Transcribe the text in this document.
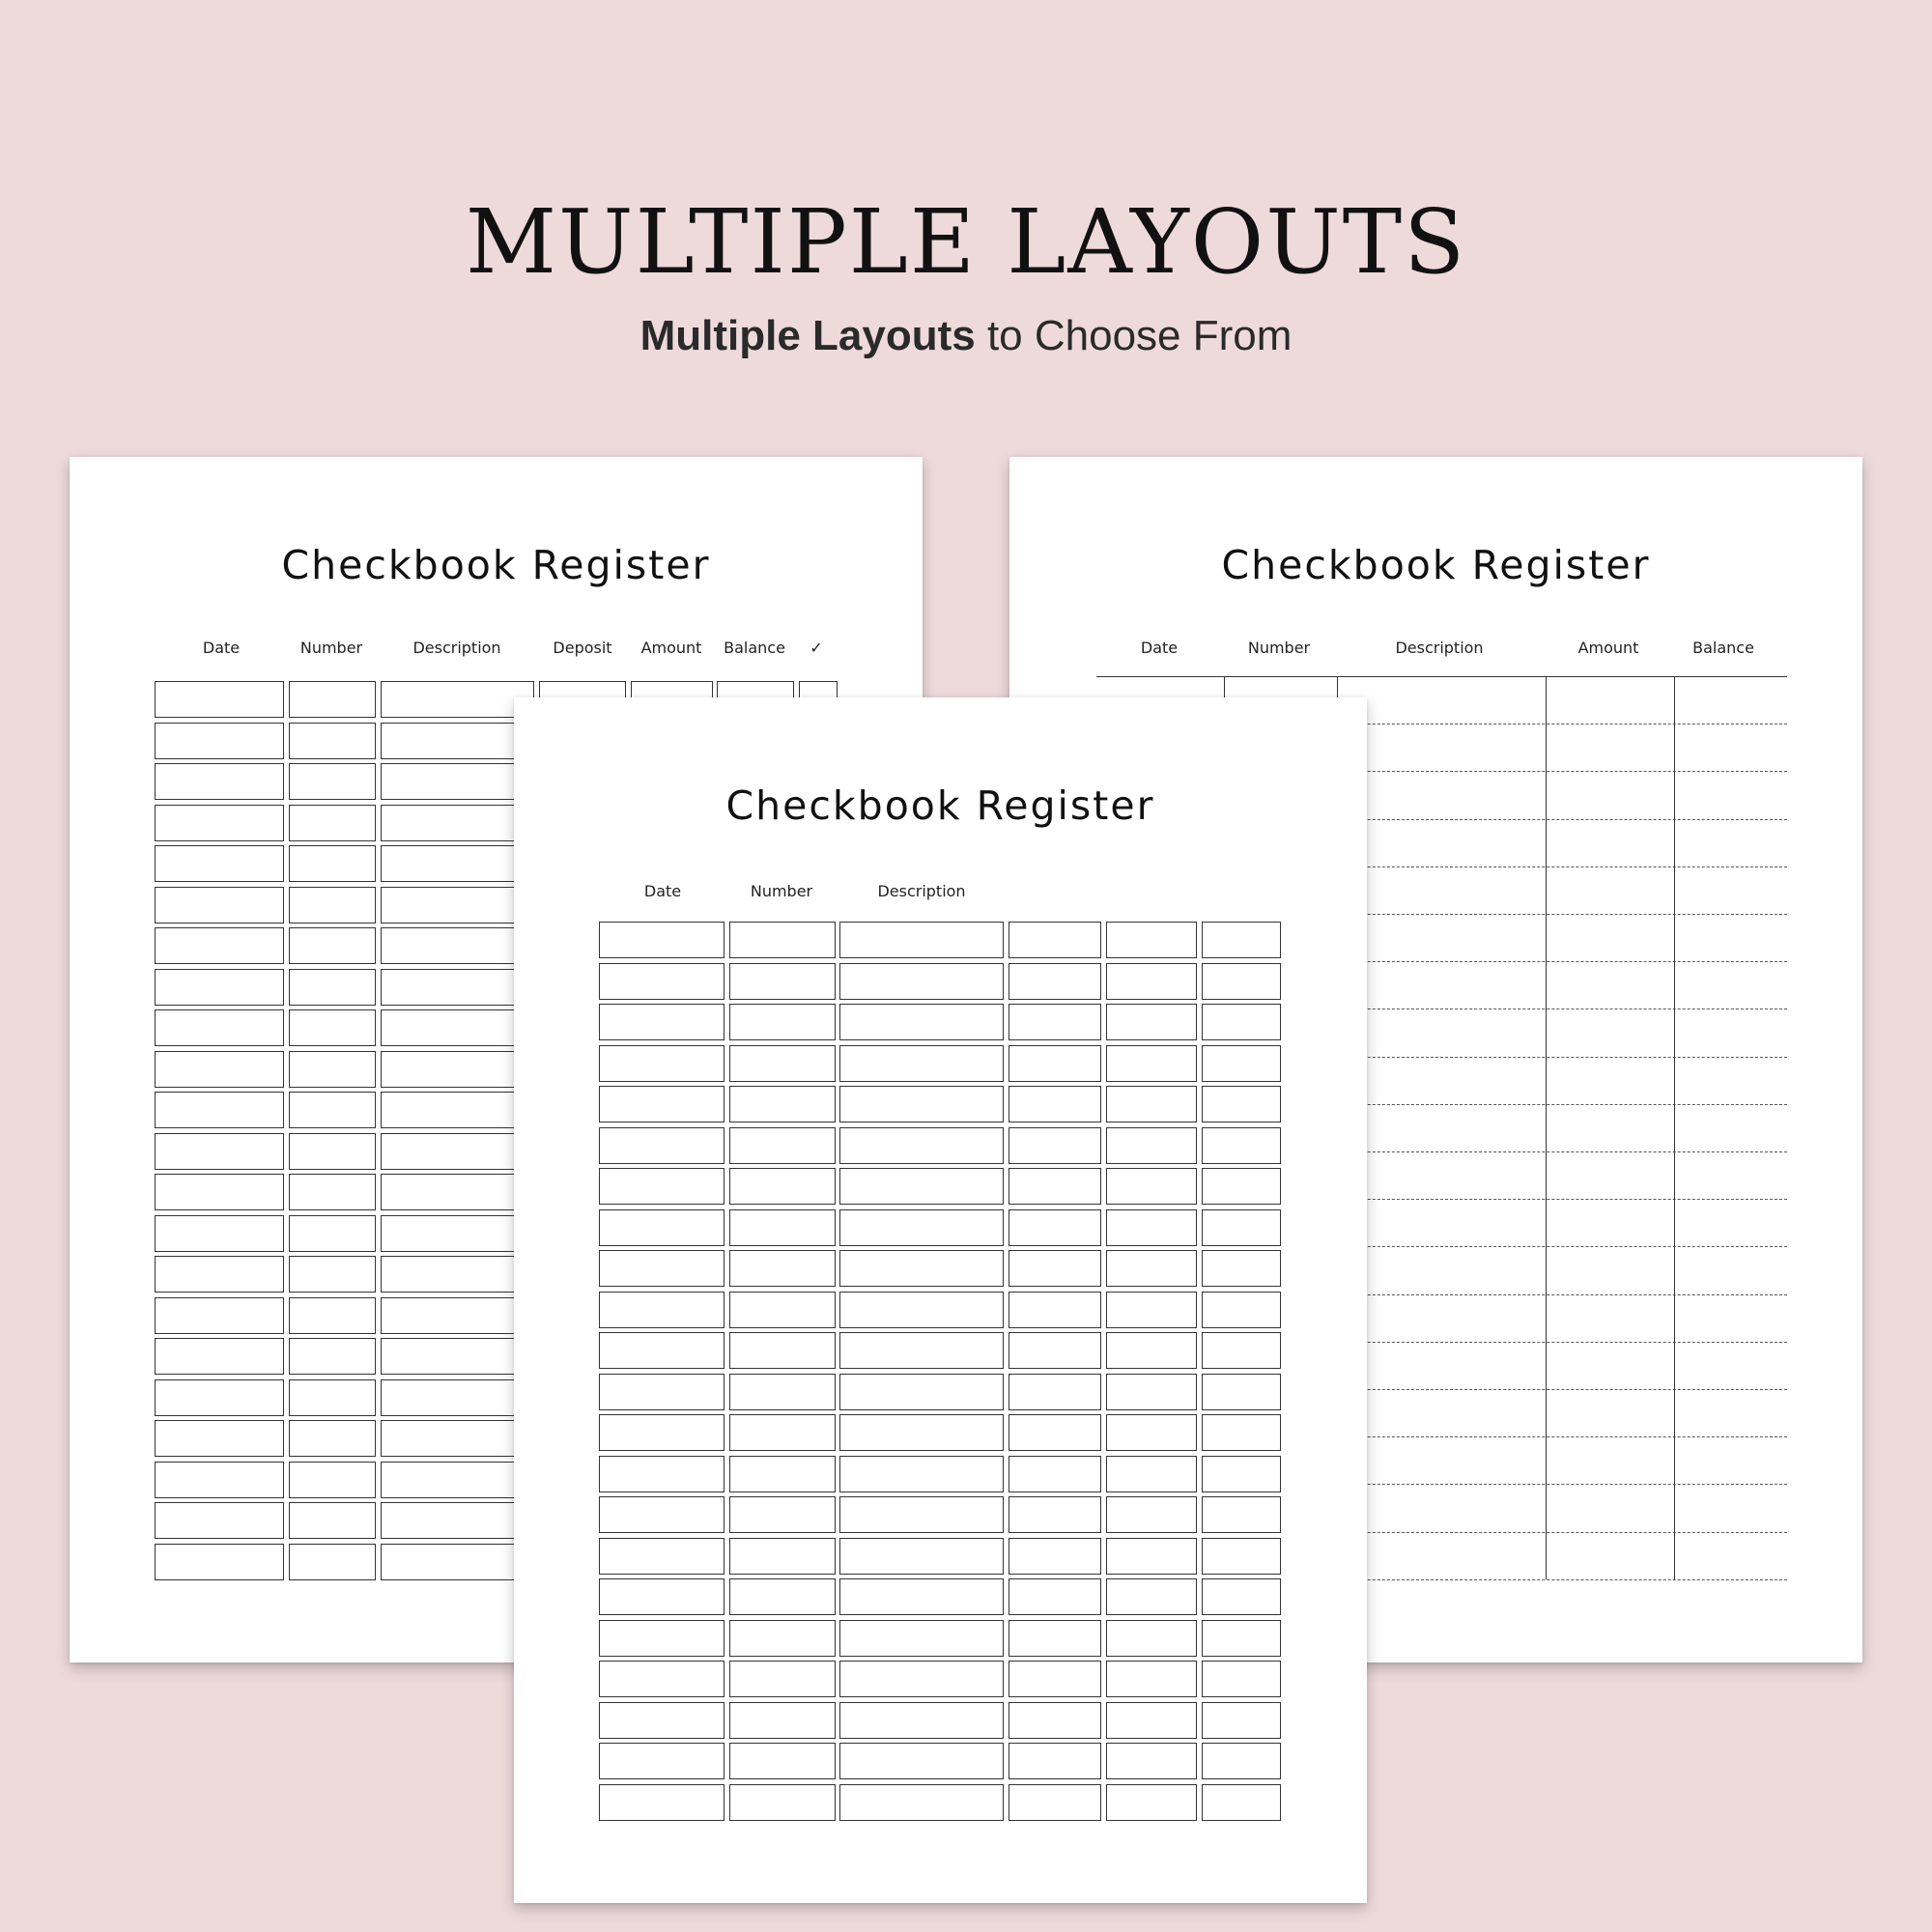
MULTIPLE LAYOUTS
Multiple Layouts to Choose From
Checkbook Register
Date	Number	Description	Deposit Amount Balance ✓
Checkbook Register
Date	Number	Description	Amount	Balance
Checkbook Register
Date	Number	Description
